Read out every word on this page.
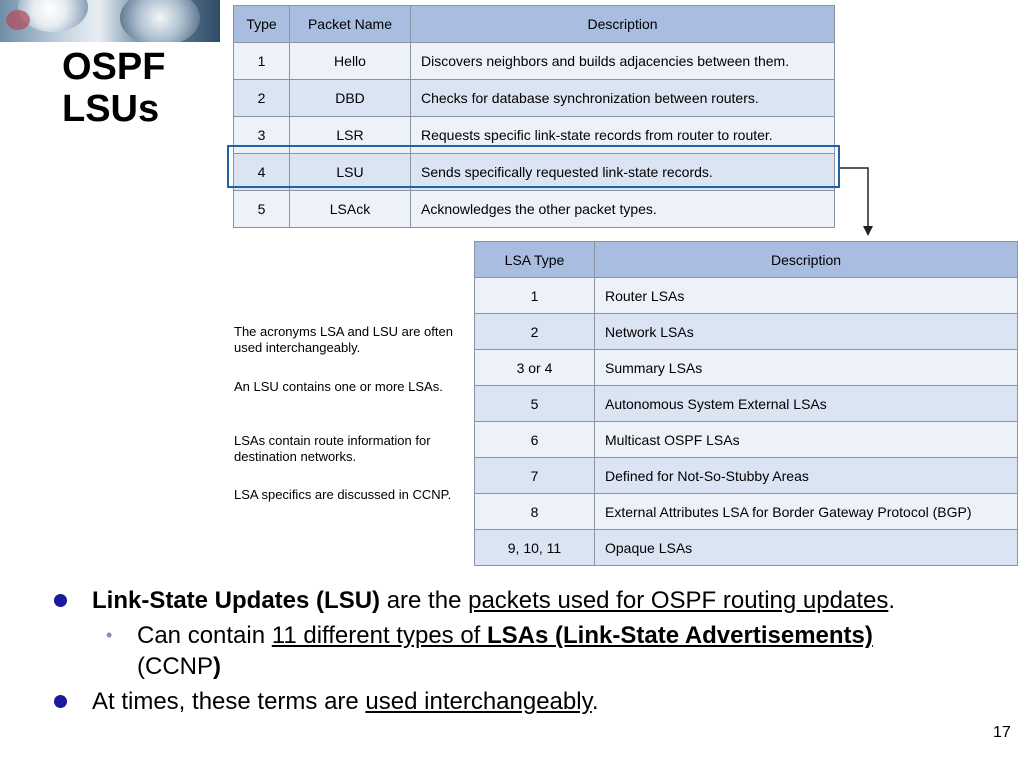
OSPF
LSUs
Type	Packet Name	Description
1	Hello	Discovers neighbors and builds adjacencies between them.
2	DBD	Checks for database synchronization between routers.
3	LSR	Requests specific link-state records from router to router.
4	LSU	Sends specifically requested link-state records.
5	LSAck	Acknowledges the other packet types.
LSA Type	Description
1	Router LSAs
2	Network LSAs
3 or 4	Summary LSAs
5	Autonomous System External LSAs
6	Multicast OSPF LSAs
7	Defined for Not-So-Stubby Areas
8	External Attributes LSA for Border Gateway Protocol (BGP)
9, 10, 11	Opaque LSAs

The acronyms LSA and LSU are often used interchangeably.

An LSU contains one or more LSAs.

LSAs contain route information for destination networks.

LSA specifics are discussed in CCNP.

Link-State Updates (LSU) are the packets used for OSPF routing updates.

• Can contain 11 different types of LSAs (Link-State Advertisements) (CCNP)

At times, these terms are used interchangeably.

17
